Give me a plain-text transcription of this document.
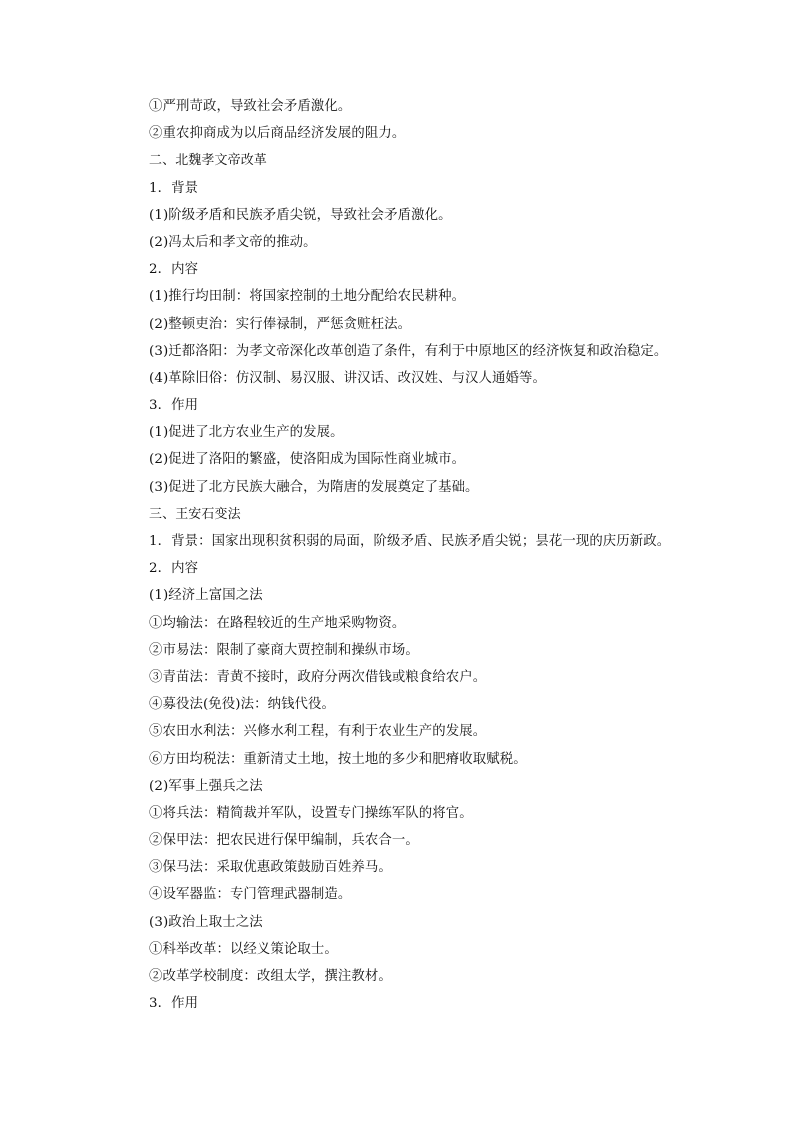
①严刑苛政，导致社会矛盾激化。
②重农抑商成为以后商品经济发展的阻力。
二、北魏孝文帝改革
1．背景
(1)阶级矛盾和民族矛盾尖锐，导致社会矛盾激化。
(2)冯太后和孝文帝的推动。
2．内容
(1)推行均田制：将国家控制的土地分配给农民耕种。
(2)整顿吏治：实行俸禄制，严惩贪赃枉法。
(3)迁都洛阳：为孝文帝深化改革创造了条件，有利于中原地区的经济恢复和政治稳定。
(4)革除旧俗：仿汉制、易汉服、讲汉话、改汉姓、与汉人通婚等。
3．作用
(1)促进了北方农业生产的发展。
(2)促进了洛阳的繁盛，使洛阳成为国际性商业城市。
(3)促进了北方民族大融合，为隋唐的发展奠定了基础。
三、王安石变法
1．背景：国家出现积贫积弱的局面，阶级矛盾、民族矛盾尖锐；昙花一现的庆历新政。
2．内容
(1)经济上富国之法
①均输法：在路程较近的生产地采购物资。
②市易法：限制了豪商大贾控制和操纵市场。
③青苗法：青黄不接时，政府分两次借钱或粮食给农户。
④募役法(免役)法：纳钱代役。
⑤农田水利法：兴修水利工程，有利于农业生产的发展。
⑥方田均税法：重新清丈土地，按土地的多少和肥瘠收取赋税。
(2)军事上强兵之法
①将兵法：精简裁并军队，设置专门操练军队的将官。
②保甲法：把农民进行保甲编制，兵农合一。
③保马法：采取优惠政策鼓励百姓养马。
④设军器监：专门管理武器制造。
(3)政治上取士之法
①科举改革：以经义策论取士。
②改革学校制度：改组太学，撰注教材。
3．作用
